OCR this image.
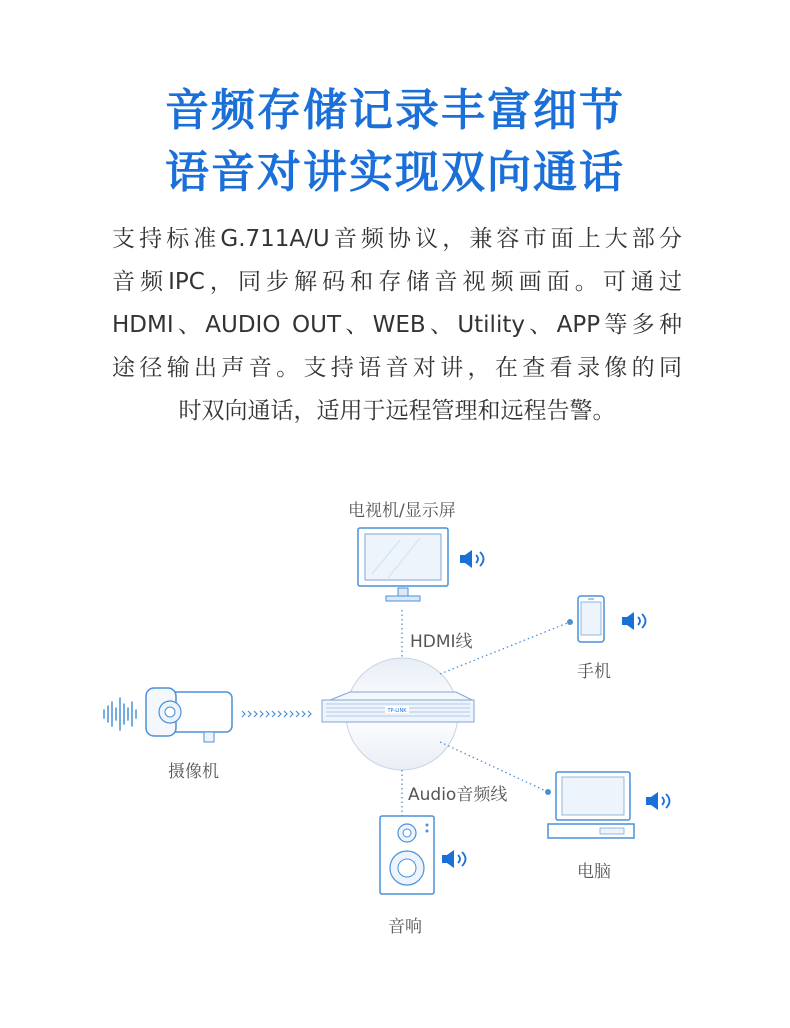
音频存储记录丰富细节
语音对讲实现双向通话
支持标准G.711A/U音频协议，兼容市面上大部分
音频IPC，同步解码和存储音视频画面。可通过
HDMI、AUDIO OUT、WEB、Utility、APP等多种
途径输出声音。支持语音对讲，在查看录像的同
时双向通话，适用于远程管理和远程告警。
TP-LINK
电视机/显示屏
HDMI线
手机
摄像机
Audio音频线
电脑
音响
